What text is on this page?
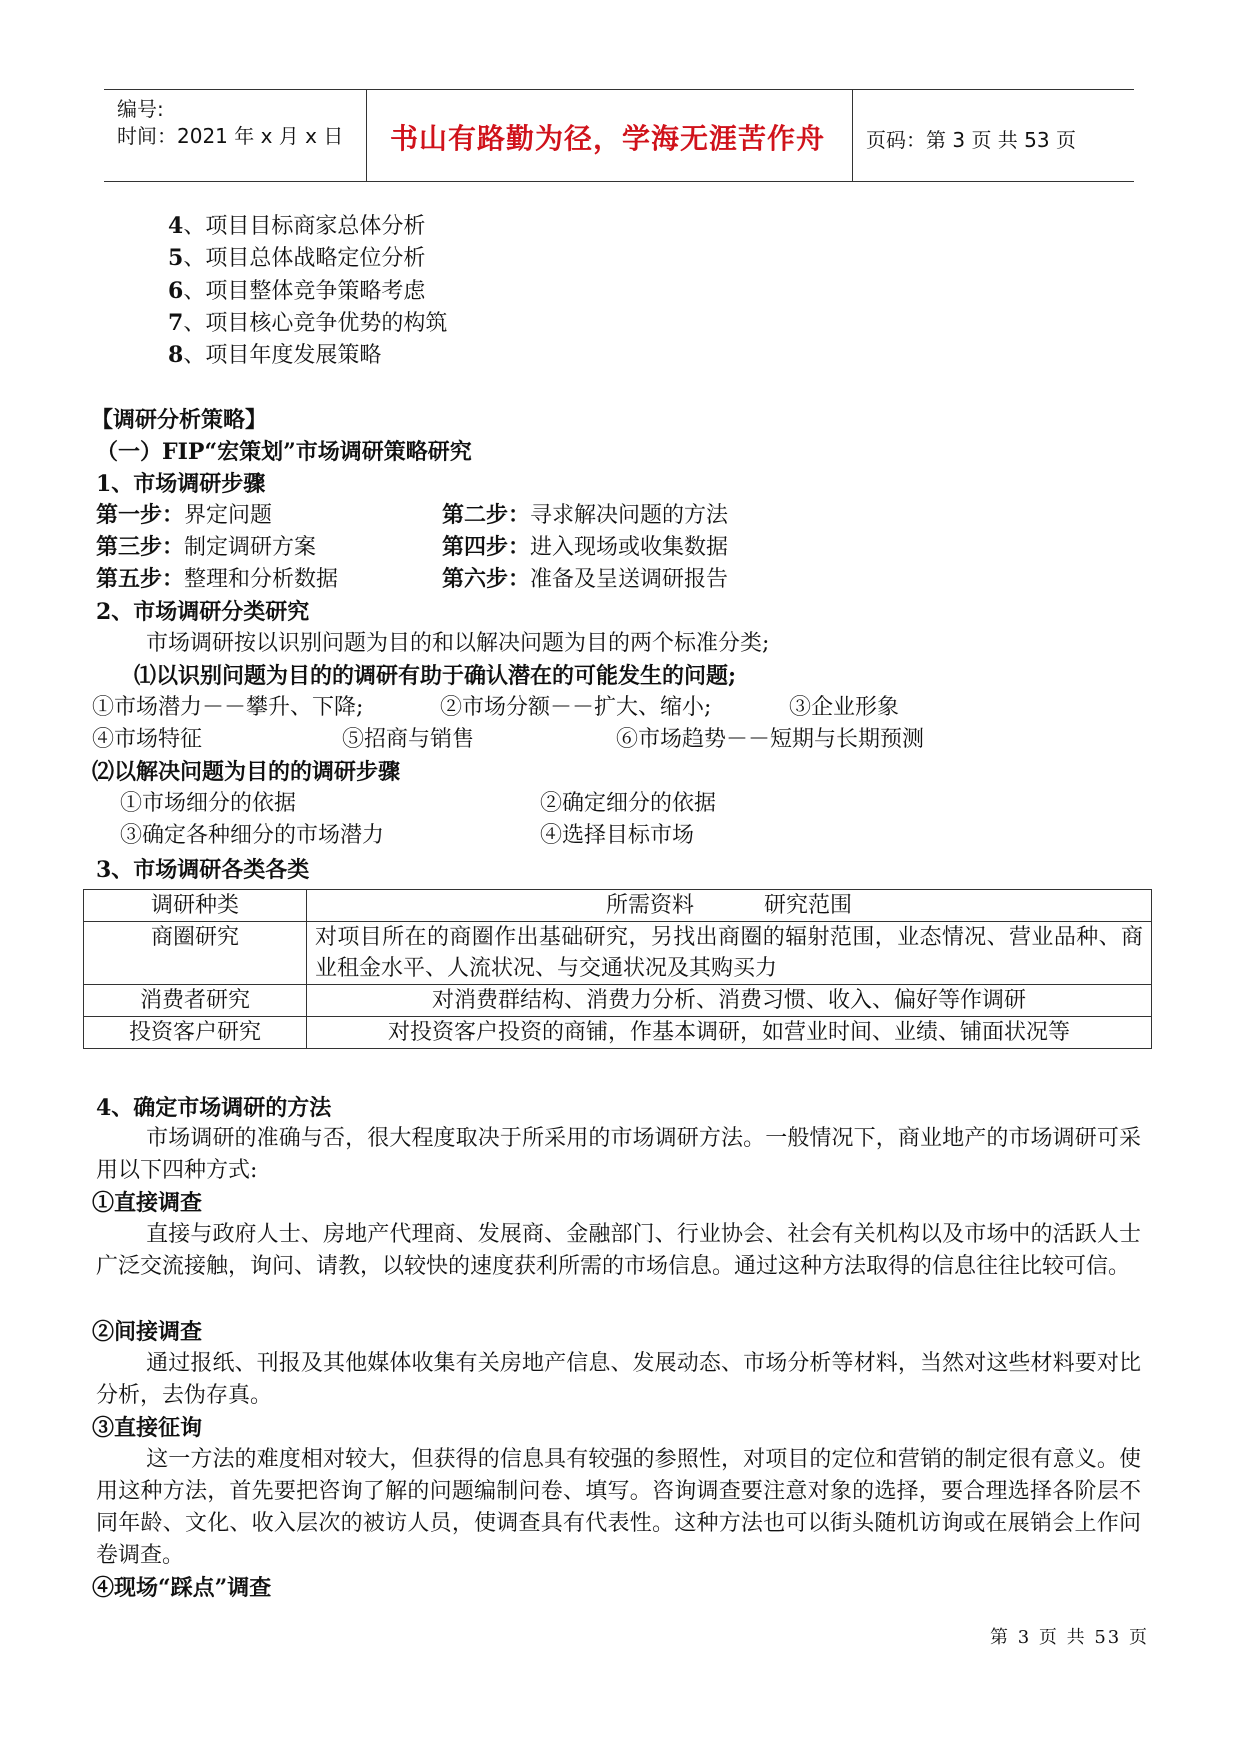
编号:
时间：2021 年 x 月 x 日 书山有路勤为径，学海无涯苦作舟 页码：第 3 页 共 53 页
4、项目目标商家总体分析
5、项目总体战略定位分析
6、项目整体竞争策略考虑
7、项目核心竞争优势的构筑
8、项目年度发展策略
【调研分析策略】
（一）FIP“宏策划”市场调研策略研究
1、市场调研步骤
第一步：界定问题	第二步：寻求解决问题的方法
第三步：制定调研方案	第四步：进入现场或收集数据
第五步：整理和分析数据	第六步：准备及呈送调研报告
2、市场调研分类研究
市场调研按以识别问题为目的和以解决问题为目的两个标准分类;
⑴以识别问题为目的的调研有助于确认潜在的可能发生的问题;
①市场潜力－－攀升、下降;	②市场分额－－扩大、缩小;	③企业形象
④市场特征	⑤招商与销售	⑥市场趋势－－短期与长期预测
⑵以解决问题为目的的调研步骤
①市场细分的依据	②确定细分的依据
③确定各种细分的市场潜力	④选择目标市场
3、市场调研各类各类
调研种类	所需资料          研究范围
商圈研究	对项目所在的商圈作出基础研究，另找出商圈的辐射范围，业态情况、营业品种、商业租金水平、人流状况、与交通状况及其购买力
消费者研究	对消费群结构、消费力分析、消费习惯、收入、偏好等作调研
投资客户研究	对投资客户投资的商铺，作基本调研，如营业时间、业绩、铺面状况等
4、确定市场调研的方法
市场调研的准确与否，很大程度取决于所采用的市场调研方法。一般情况下，商业地产的市场调研可采用以下四种方式:
①直接调查
直接与政府人士、房地产代理商、发展商、金融部门、行业协会、社会有关机构以及市场中的活跃人士广泛交流接触，询问、请教，以较快的速度获利所需的市场信息。通过这种方法取得的信息往往比较可信。
②间接调查
通过报纸、刊报及其他媒体收集有关房地产信息、发展动态、市场分析等材料，当然对这些材料要对比分析，去伪存真。
③直接征询
这一方法的难度相对较大，但获得的信息具有较强的参照性，对项目的定位和营销的制定很有意义。使用这种方法，首先要把咨询了解的问题编制问卷、填写。咨询调查要注意对象的选择，要合理选择各阶层不同年龄、文化、收入层次的被访人员，使调查具有代表性。这种方法也可以街头随机访询或在展销会上作问卷调查。
④现场“踩点”调查
第 3 页 共 53 页
